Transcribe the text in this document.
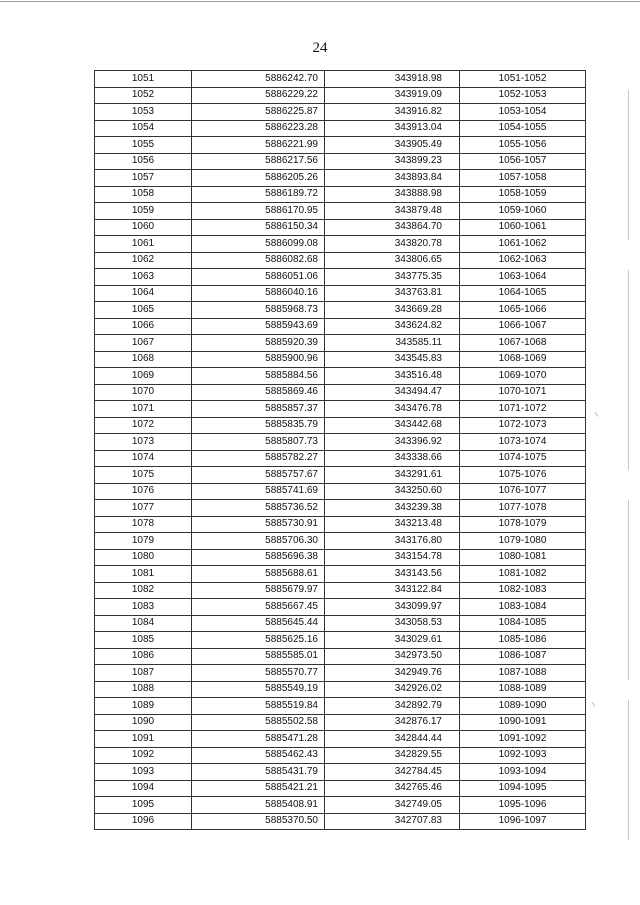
24
1051	5886242.70	343918.98	1051-1052
1052	5886229.22	343919.09	1052-1053
1053	5886225.87	343916.82	1053-1054
1054	5886223.28	343913.04	1054-1055
1055	5886221.99	343905.49	1055-1056
1056	5886217.56	343899.23	1056-1057
1057	5886205.26	343893.84	1057-1058
1058	5886189.72	343888.98	1058-1059
1059	5886170.95	343879.48	1059-1060
1060	5886150.34	343864.70	1060-1061
1061	5886099.08	343820.78	1061-1062
1062	5886082.68	343806.65	1062-1063
1063	5886051.06	343775.35	1063-1064
1064	5886040.16	343763.81	1064-1065
1065	5885968.73	343669.28	1065-1066
1066	5885943.69	343624.82	1066-1067
1067	5885920.39	343585.11	1067-1068
1068	5885900.96	343545.83	1068-1069
1069	5885884.56	343516.48	1069-1070
1070	5885869.46	343494.47	1070-1071
1071	5885857.37	343476.78	1071-1072
1072	5885835.79	343442.68	1072-1073
1073	5885807.73	343396.92	1073-1074
1074	5885782.27	343338.66	1074-1075
1075	5885757.67	343291.61	1075-1076
1076	5885741.69	343250.60	1076-1077
1077	5885736.52	343239.38	1077-1078
1078	5885730.91	343213.48	1078-1079
1079	5885706.30	343176.80	1079-1080
1080	5885696.38	343154.78	1080-1081
1081	5885688.61	343143.56	1081-1082
1082	5885679.97	343122.84	1082-1083
1083	5885667.45	343099.97	1083-1084
1084	5885645.44	343058.53	1084-1085
1085	5885625.16	343029.61	1085-1086
1086	5885585.01	342973.50	1086-1087
1087	5885570.77	342949.76	1087-1088
1088	5885549.19	342926.02	1088-1089
1089	5885519.84	342892.79	1089-1090
1090	5885502.58	342876.17	1090-1091
1091	5885471.28	342844.44	1091-1092
1092	5885462.43	342829.55	1092-1093
1093	5885431.79	342784.45	1093-1094
1094	5885421.21	342765.46	1094-1095
1095	5885408.91	342749.05	1095-1096
1096	5885370.50	342707.83	1096-1097
